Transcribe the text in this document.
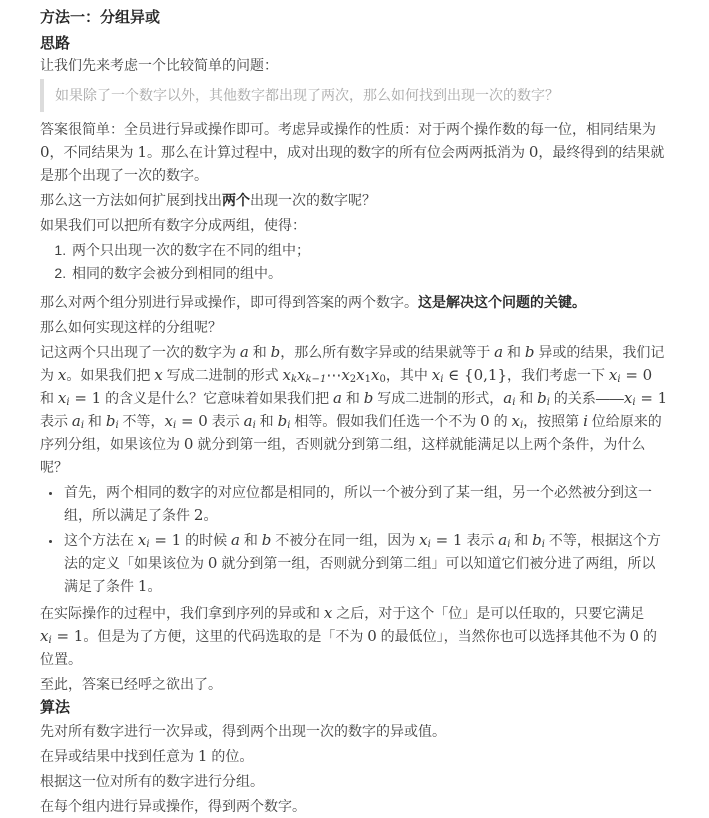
方法一：分组异或
思路

让我们先来考虑一个比较简单的问题：

如果除了一个数字以外，其他数字都出现了两次，那么如何找到出现一次的数字？

答案很简单：全员进行异或操作即可。考虑异或操作的性质：对于两个操作数的每一位，相同结果为 0，不同结果为 1。那么在计算过程中，成对出现的数字的所有位会两两抵消为 0，最终得到的结果就是那个出现了一次的数字。

那么这一方法如何扩展到找出两个出现一次的数字呢？

如果我们可以把所有数字分成两组，使得：

1. 两个只出现一次的数字在不同的组中；
2. 相同的数字会被分到相同的组中。

那么对两个组分别进行异或操作，即可得到答案的两个数字。这是解决这个问题的关键。

那么如何实现这样的分组呢？

记这两个只出现了一次的数字为 a 和 b，那么所有数字异或的结果就等于 a 和 b 异或的结果，我们记为 x。如果我们把 x 写成二进制的形式 $x_kx_{k-1}\cdots x_2x_1x_0$，其中 $x_i$ ∈ {0,1}，我们考虑一下 $x_i = 0$ 和 $x_i = 1$ 的含义是什么？它意味着如果我们把 a 和 b 写成二进制的形式，$a_i$ 和 $b_i$ 的关系$——x_i = 1$ 表示 $a_i$ 和 $b_i$ 不等，$x_i = 0$ 表示 $a_i$ 和 $b_i$ 相等。假如我们任选一个不为 0 的 $x_i$，按照第 i 位给原来的序列分组，如果该位为 0 就分到第一组，否则就分到第二组，这样就能满足以上两个条件，为什么呢？

• 首先，两个相同的数字的对应位都是相同的，所以一个被分到了某一组，另一个必然被分到这一组，所以满足了条件 2。
• 这个方法在 $x_i = 1$ 的时候 a 和 b 不被分在同一组，因为 $x_i = 1$ 表示 $a_i$ 和 $b_i$ 不等，根据这个方法的定义「如果该位为 0 就分到第一组，否则就分到第二组」可以知道它们被分进了两组，所以满足了条件 1。

在实际操作的过程中，我们拿到序列的异或和 x 之后，对于这个「位」是可以任取的，只要它满足 $x_i = 1$。但是为了方便，这里的代码选取的是「不为 0 的最低位」，当然你也可以选择其他不为 0 的位置。

至此，答案已经呼之欲出了。

算法

先对所有数字进行一次异或，得到两个出现一次的数字的异或值。

在异或结果中找到任意为 1 的位。

根据这一位对所有的数字进行分组。

在每个组内进行异或操作，得到两个数字。
